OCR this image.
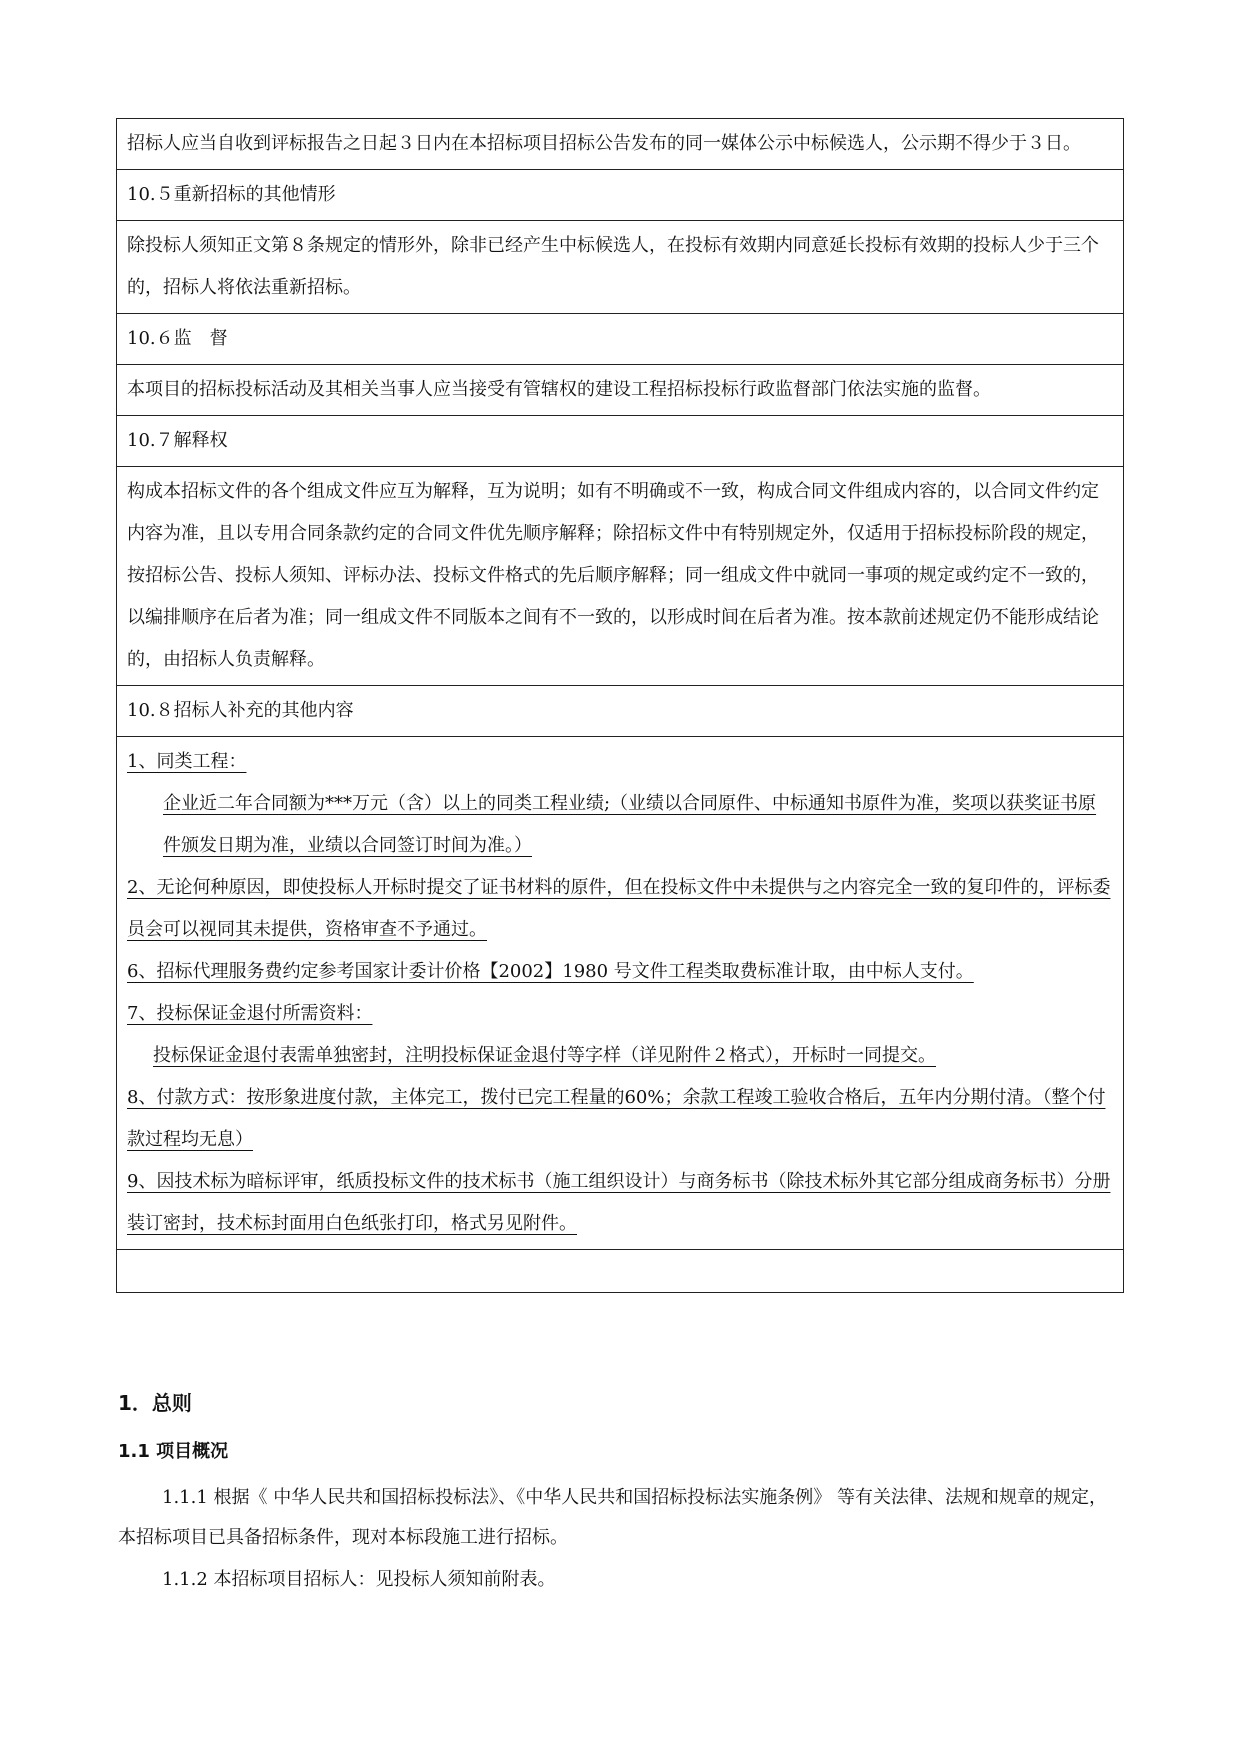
招标人应当自收到评标报告之日起３日内在本招标项目招标公告发布的同一媒体公示中标候选人，公示期不得少于３日。

10.５重新招标的其他情形

除投标人须知正文第８条规定的情形外，除非已经产生中标候选人，在投标有效期内同意延长投标有效期的投标人少于三个的，招标人将依法重新招标。

10.６监　督

本项目的招标投标活动及其相关当事人应当接受有管辖权的建设工程招标投标行政监督部门依法实施的监督。

10.７解释权

构成本招标文件的各个组成文件应互为解释，互为说明；如有不明确或不一致，构成合同文件组成内容的，以合同文件约定内容为准，且以专用合同条款约定的合同文件优先顺序解释；除招标文件中有特别规定外，仅适用于招标投标阶段的规定，按招标公告、投标人须知、评标办法、投标文件格式的先后顺序解释；同一组成文件中就同一事项的规定或约定不一致的，以编排顺序在后者为准；同一组成文件不同版本之间有不一致的，以形成时间在后者为准。按本款前述规定仍不能形成结论的，由招标人负责解释。

10.８招标人补充的其他内容

1、同类工程：

企业近二年合同额为***万元（含）以上的同类工程业绩;（业绩以合同原件、中标通知书原件为准，奖项以获奖证书原件颁发日期为准，业绩以合同签订时间为准。）

2、无论何种原因，即使投标人开标时提交了证书材料的原件，但在投标文件中未提供与之内容完全一致的复印件的，评标委员会可以视同其未提供，资格审查不予通过。

6、招标代理服务费约定参考国家计委计价格【2002】1980 号文件工程类取费标准计取，由中标人支付。

7、投标保证金退付所需资料：

投标保证金退付表需单独密封，注明投标保证金退付等字样（详见附件２格式），开标时一同提交。

8、付款方式：按形象进度付款，主体完工，拨付已完工程量的60%；余款工程竣工验收合格后，五年内分期付清。（整个付款过程均无息）

9、因技术标为暗标评审，纸质投标文件的技术标书（施工组织设计）与商务标书（除技术标外其它部分组成商务标书）分册装订密封，技术标封面用白色纸张打印，格式另见附件。

1．总则
1.1 项目概况

1.1.1 根据《 中华人民共和国招标投标法》、《中华人民共和国招标投标法实施条例》 等有关法律、法规和规章的规定，本招标项目已具备招标条件，现对本标段施工进行招标。

1.1.2 本招标项目招标人：见投标人须知前附表。
